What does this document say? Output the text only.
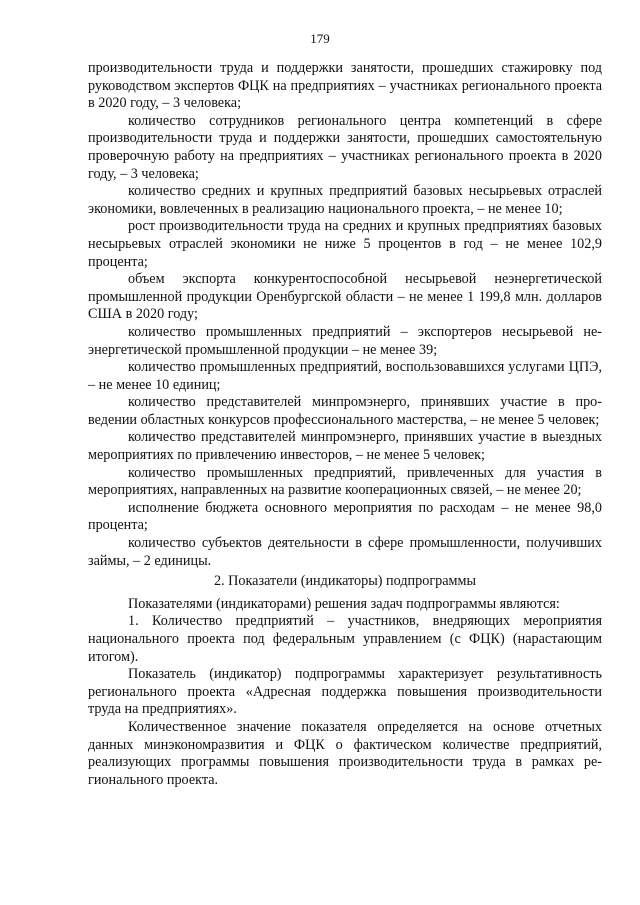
179

производительности труда и поддержки занятости, прошедших стажировку под руководством экспертов ФЦК на предприятиях – участниках регионального проекта в 2020 году, – 3 человека;

количество сотрудников регионального центра компетенций в сфере производительности труда и поддержки занятости, прошедших самостоятельную проверочную работу на предприятиях – участниках регионального проекта в 2020 году, – 3 человека;

количество средних и крупных предприятий базовых несырьевых отраслей экономики, вовлеченных в реализацию национального проекта, – не менее 10;

рост производительности труда на средних и крупных предприятиях базовых несырьевых отраслей экономики не ниже 5 процентов в год – не менее 102,9 процента;

объем экспорта конкурентоспособной несырьевой неэнергетической промышленной продукции Оренбургской области – не менее 1 199,8 млн. долларов США в 2020 году;

количество промышленных предприятий – экспортеров несырьевой неэнергетической промышленной продукции – не менее 39;

количество промышленных предприятий, воспользовавшихся услугами ЦПЭ, – не менее 10 единиц;

количество представителей минпромэнерго, принявших участие в проведении областных конкурсов профессионального мастерства, – не менее 5 человек;

количество представителей минпромэнерго, принявших участие в выездных мероприятиях по привлечению инвесторов, – не менее 5 человек;

количество промышленных предприятий, привлеченных для участия в мероприятиях, направленных на развитие кооперационных связей, – не менее 20;

исполнение бюджета основного мероприятия по расходам – не менее 98,0 процента;

количество субъектов деятельности в сфере промышленности, получивших займы, – 2 единицы.

2. Показатели (индикаторы) подпрограммы

Показателями (индикаторами) решения задач подпрограммы являются:

1. Количество предприятий – участников, внедряющих мероприятия национального проекта под федеральным управлением (с ФЦК) (нарастающим итогом).

Показатель (индикатор) подпрограммы характеризует результативность регионального проекта «Адресная поддержка повышения производительности труда на предприятиях».

Количественное значение показателя определяется на основе отчетных данных минэкономразвития и ФЦК о фактическом количестве предприятий, реализующих программы повышения производительности труда в рамках регионального проекта.
